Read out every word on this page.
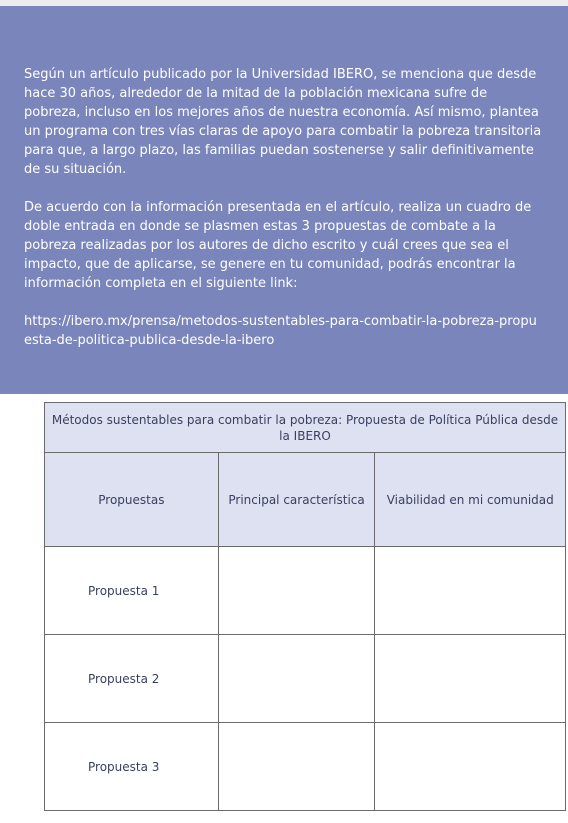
Según un artículo publicado por la Universidad IBERO, se menciona que desde hace 30 años, alrededor de la mitad de la población mexicana sufre de pobreza, incluso en los mejores años de nuestra economía. Así mismo, plantea un programa con tres vías claras de apoyo para combatir la pobreza transitoria para que, a largo plazo, las familias puedan sostenerse y salir definitivamente de su situación.

De acuerdo con la información presentada en el artículo, realiza un cuadro de doble entrada en donde se plasmen estas 3 propuestas de combate a la pobreza realizadas por los autores de dicho escrito y cuál crees que sea el impacto, que de aplicarse, se genere en tu comunidad, podrás encontrar la información completa en el siguiente link:

https://ibero.mx/prensa/metodos-sustentables-para-combatir-la-pobreza-propuesta-de-politica-publica-desde-la-ibero

Métodos sustentables para combatir la pobreza: Propuesta de Política Pública desde la IBERO		
Propuestas	Principal característica	Viabilidad en mi comunidad
Propuesta 1		
Propuesta 2		
Propuesta 3		
